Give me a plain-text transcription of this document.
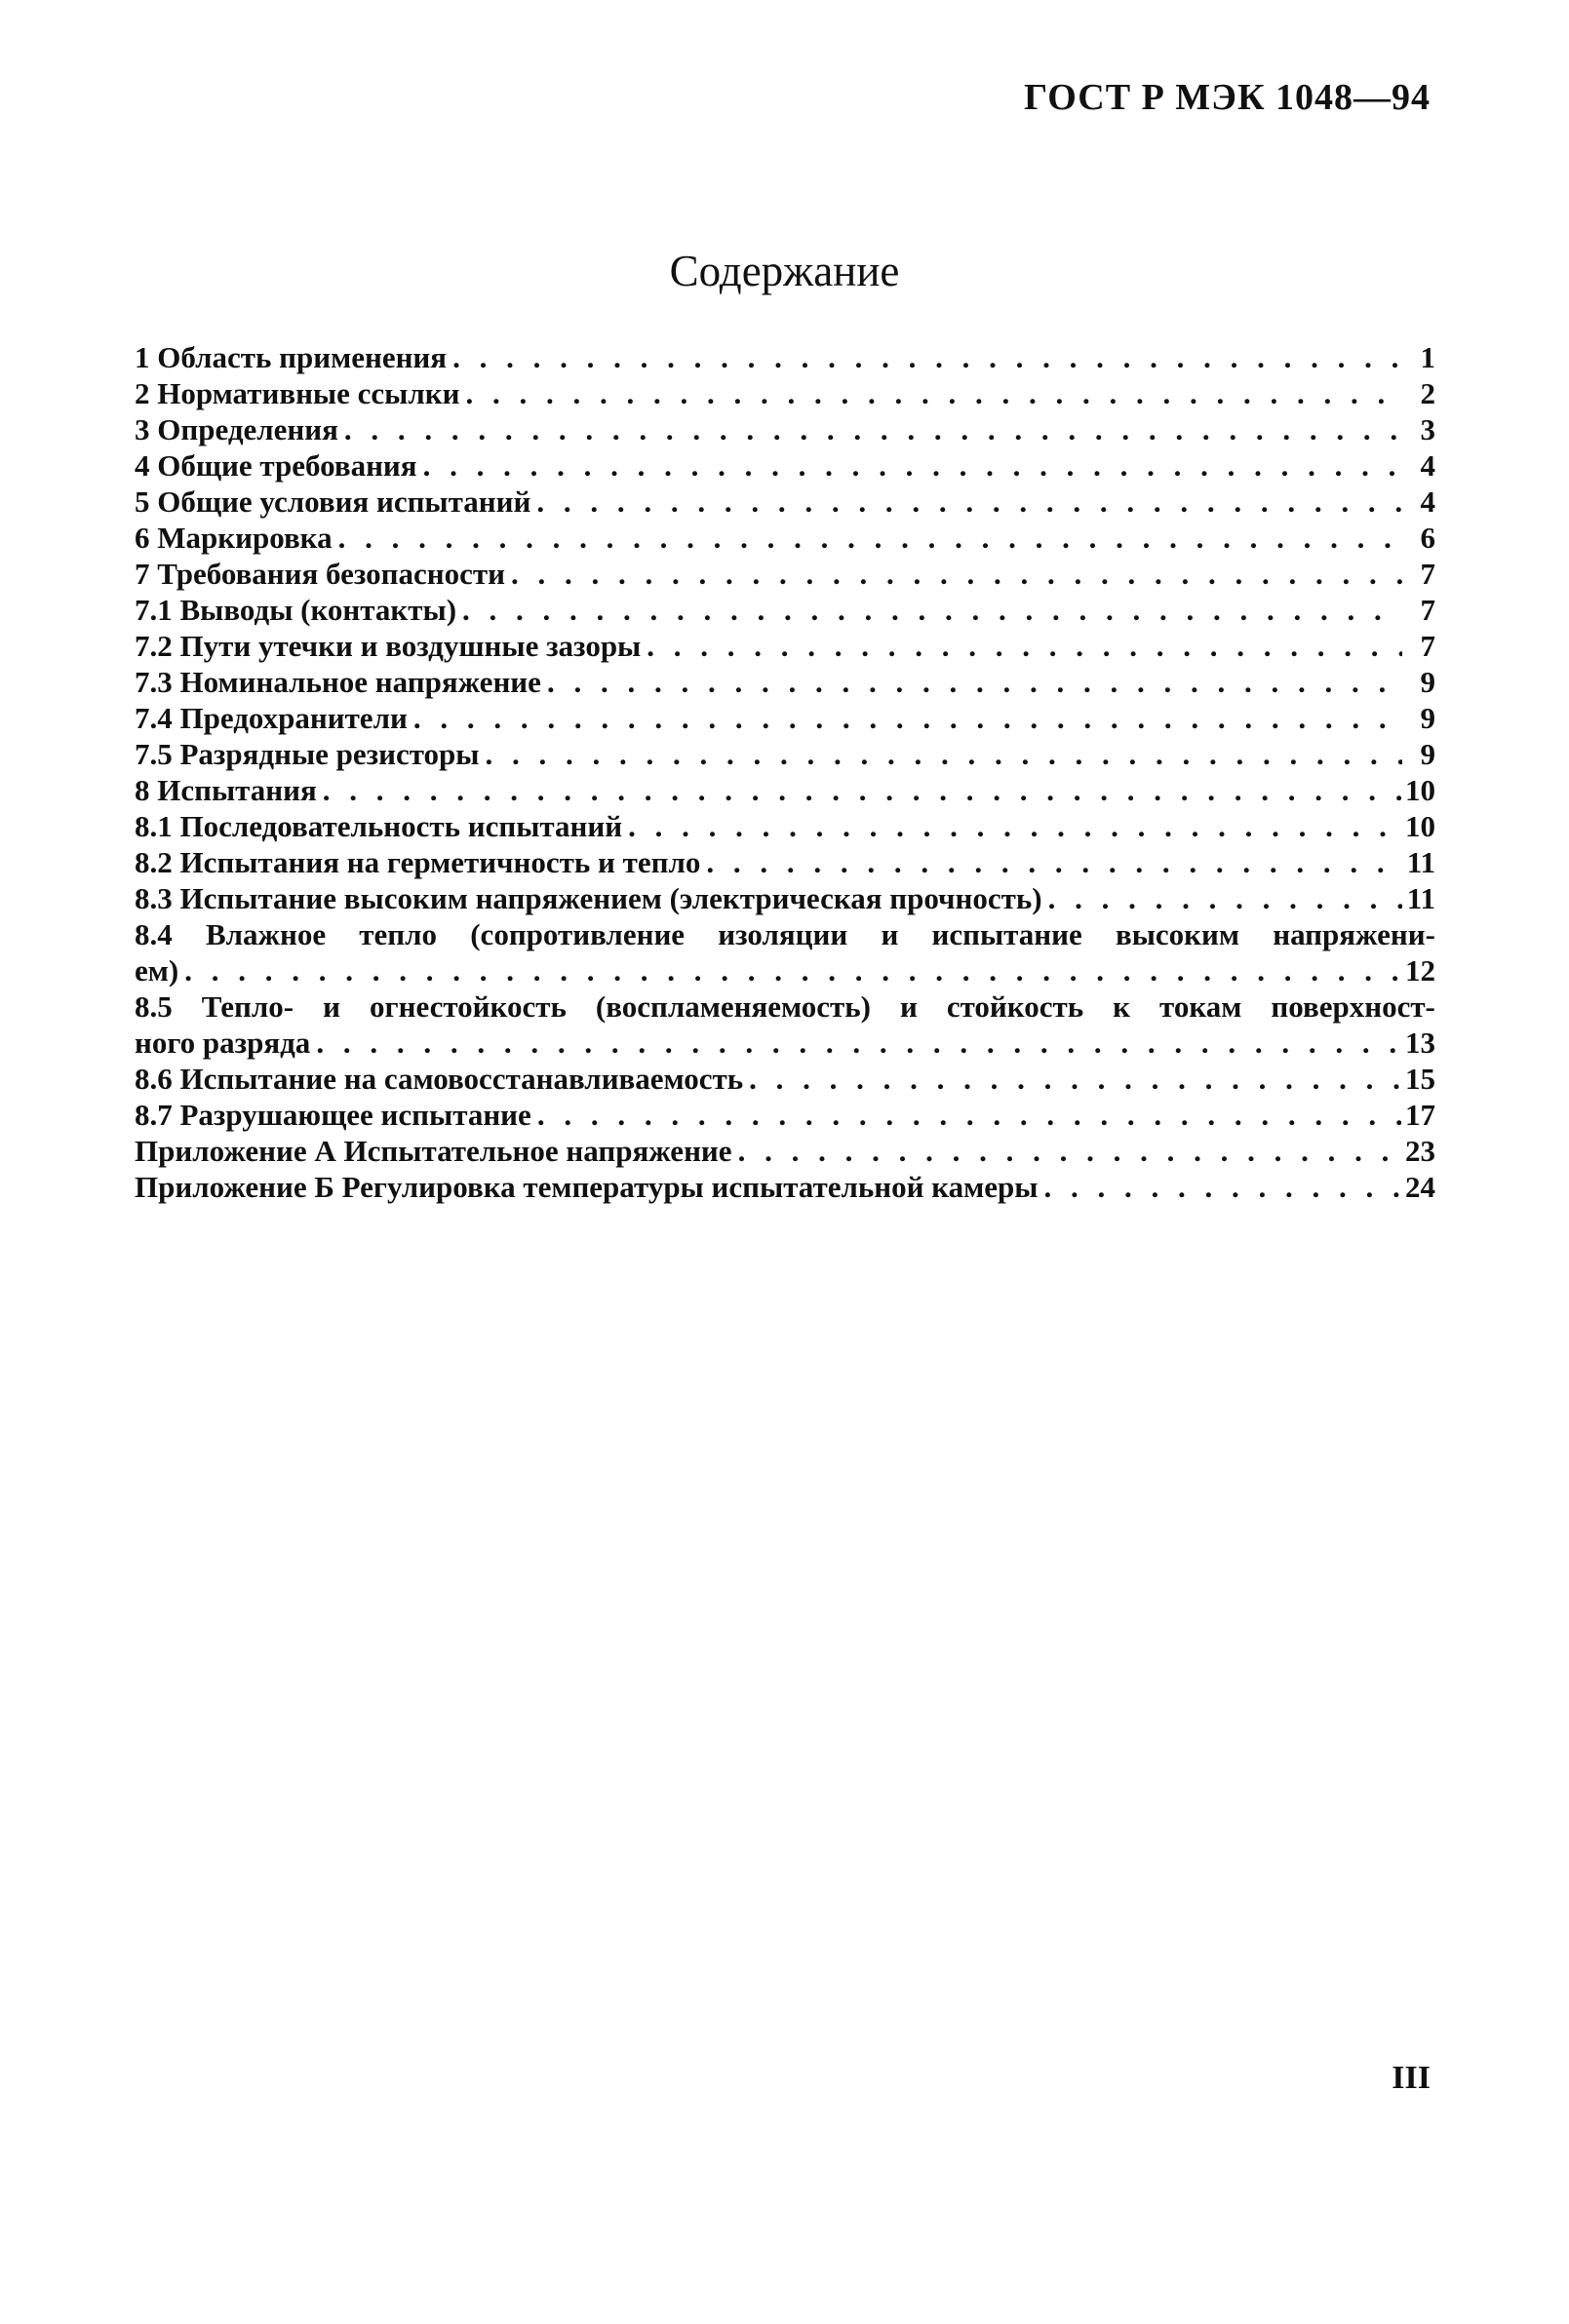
ГОСТ Р МЭК 1048—94
Содержание
1 Область применения . . .	1
2 Нормативные ссылки . . .	2
3 Определения . . .	3
4 Общие требования . . .	4
5 Общие условия испытаний . . .	4
6 Маркировка . . .	6
7 Требования безопасности . . .	7
7.1 Выводы (контакты) . . .	7
7.2 Пути утечки и воздушные зазоры . . .	7
7.3 Номинальное напряжение . . .	9
7.4 Предохранители . . .	9
7.5 Разрядные резисторы . . .	9
8 Испытания . . .	10
8.1 Последовательность испытаний . . .	10
8.2 Испытания на герметичность и тепло . . .	11
8.3 Испытание высоким напряжением (электрическая прочность) . . .	11
8.4 Влажное тепло (сопротивление изоляции и испытание высоким напряжени-
ем) . . .	12
8.5 Тепло- и огнестойкость (воспламеняемость) и стойкость к токам поверхност-
ного разряда . . .	13
8.6 Испытание на самовосстанавливаемость . . .	15
8.7 Разрушающее испытание . . .	17
Приложение А Испытательное напряжение . . .	23
Приложение Б Регулировка температуры испытательной камеры . . .	24
III
